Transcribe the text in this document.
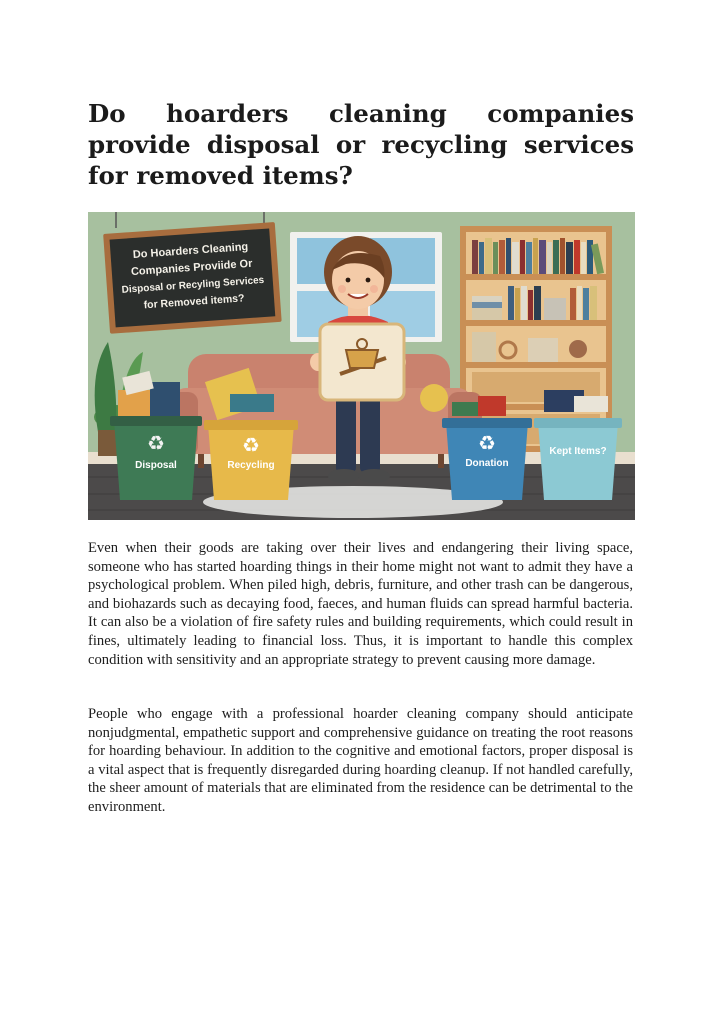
Do hoarders cleaning companies provide disposal or recycling services for removed items?
Do Hoarders Cleaning
Companies Proviide Or
Disposal or Recyling Services
for Removed items?
♻
Disposal
♻
Recycling
♻
Donation
Kept Items?

Even when their goods are taking over their lives and endangering their living space, someone who has started hoarding things in their home might not want to admit they have a psychological problem. When piled high, debris, furniture, and other trash can be dangerous, and biohazards such as decaying food, faeces, and human fluids can spread harmful bacteria. It can also be a violation of fire safety rules and building requirements, which could result in fines, ultimately leading to financial loss. Thus, it is important to handle this complex condition with sensitivity and an appropriate strategy to prevent causing more damage.

People who engage with a professional hoarder cleaning company should anticipate nonjudgmental, empathetic support and comprehensive guidance on treating the root reasons for hoarding behaviour. In addition to the cognitive and emotional factors, proper disposal is a vital aspect that is frequently disregarded during hoarding cleanup. If not handled carefully, the sheer amount of materials that are eliminated from the residence can be detrimental to the environment.
